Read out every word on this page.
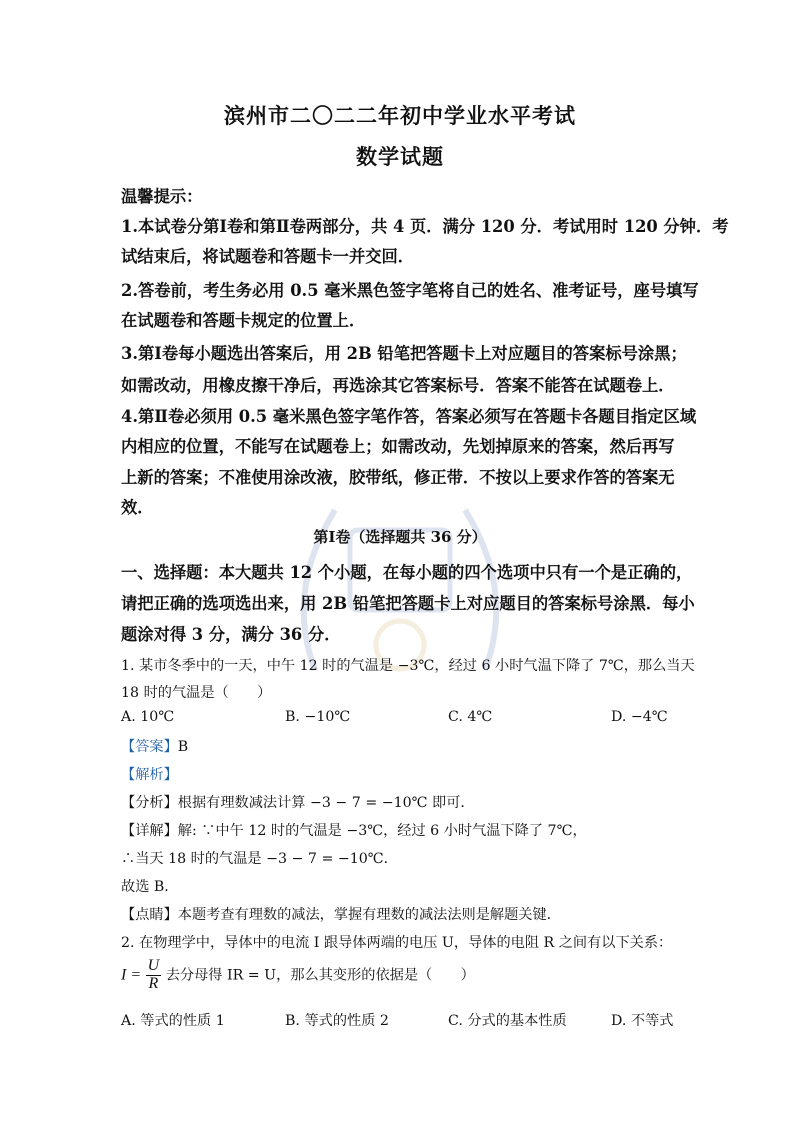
滨州市二〇二二年初中学业水平考试
数学试题
温馨提示：
1.本试卷分第Ⅰ卷和第Ⅱ卷两部分，共 4 页．满分 120 分．考试用时 120 分钟．考
试结束后，将试题卷和答题卡一并交回．
2.答卷前，考生务必用 0.5 毫米黑色签字笔将自己的姓名、准考证号，座号填写
在试题卷和答题卡规定的位置上．
3.第Ⅰ卷每小题选出答案后，用 2B 铅笔把答题卡上对应题目的答案标号涂黑；
如需改动，用橡皮擦干净后，再选涂其它答案标号．答案不能答在试题卷上．
4.第Ⅱ卷必须用 0.5 毫米黑色签字笔作答，答案必须写在答题卡各题目指定区域
内相应的位置，不能写在试题卷上；如需改动，先划掉原来的答案，然后再写
上新的答案；不准使用涂改液，胶带纸，修正带．不按以上要求作答的答案无
效．
第Ⅰ卷（选择题共 36 分）
一、选择题：本大题共 12 个小题，在每小题的四个选项中只有一个是正确的，
请把正确的选项选出来，用 2B 铅笔把答题卡上对应题目的答案标号涂黑．每小
题涂对得 3 分，满分 36 分．
1. 某市冬季中的一天，中午 12 时的气温是 −3℃，经过 6 小时气温下降了 7℃，那么当天
18 时的气温是（　　）
A. 10℃	B. −10℃	C. 4℃	D. −4℃
【答案】B
【解析】
【分析】根据有理数减法计算 −3 − 7 = −10℃ 即可．
【详解】解: ∵中午 12 时的气温是 −3℃，经过 6 小时气温下降了 7℃，
∴当天 18 时的气温是 −3 − 7 = −10℃．
故选 B．
【点睛】本题考查有理数的减法，掌握有理数的减法法则是解题关键．
2. 在物理学中，导体中的电流 I 跟导体两端的电压 U，导体的电阻 R 之间有以下关系：
$I = \frac{U}{R}$ 去分母得 IR = U，那么其变形的依据是（　　）
A. 等式的性质 1	B. 等式的性质 2	C. 分式的基本性质	D. 不等式
